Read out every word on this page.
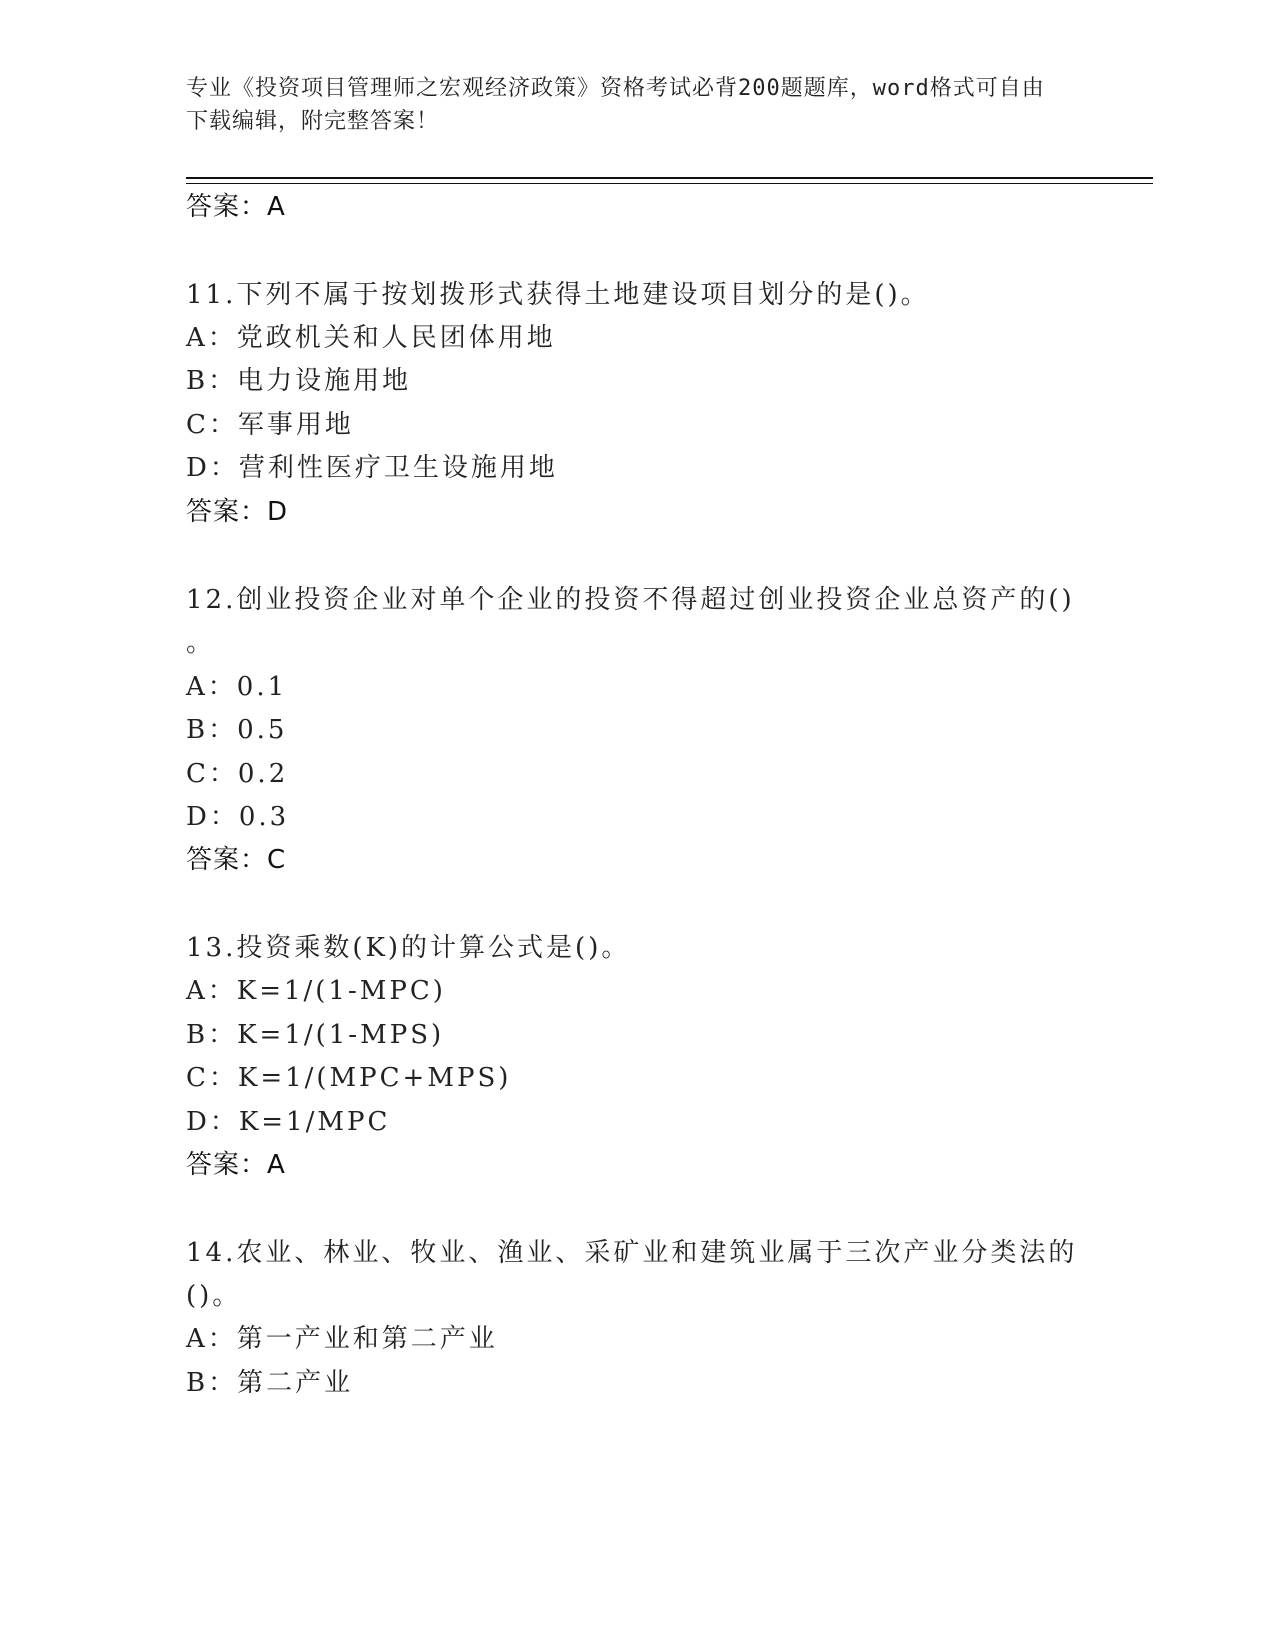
专业《投资项目管理师之宏观经济政策》资格考试必背200题题库，word格式可自由下载编辑，附完整答案！
答案：A
11.下列不属于按划拨形式获得土地建设项目划分的是()。
A：党政机关和人民团体用地
B：电力设施用地
C：军事用地
D：营利性医疗卫生设施用地
答案：D
12.创业投资企业对单个企业的投资不得超过创业投资企业总资产的()
。
A：0.1
B：0.5
C：0.2
D：0.3
答案：C
13.投资乘数(K)的计算公式是()。
A：K=1/(1-MPC)
B：K=1/(1-MPS)
C：K=1/(MPC+MPS)
D：K=1/MPC
答案：A
14.农业、林业、牧业、渔业、采矿业和建筑业属于三次产业分类法的
()。
A：第一产业和第二产业
B：第二产业
